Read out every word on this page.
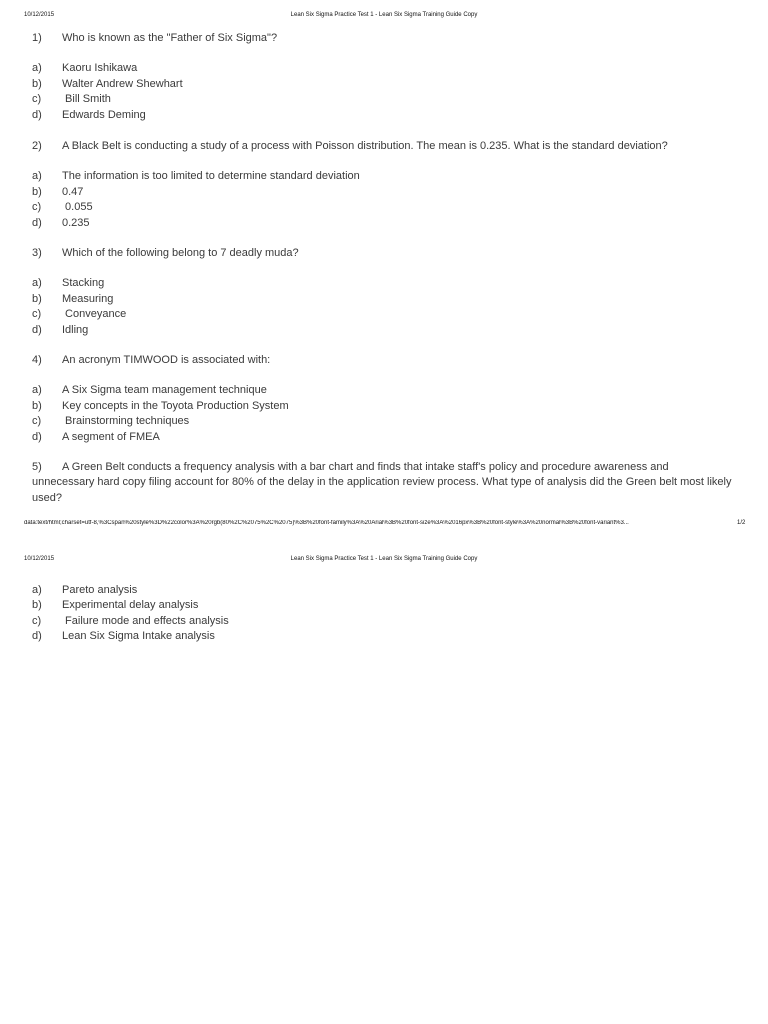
10/12/2015	Lean Six Sigma Practice Test 1 - Lean Six Sigma Training Guide Copy
1)	Who is known as the "Father of Six Sigma"?
a) Kaoru Ishikawa
b) Walter Andrew Shewhart
c) Bill Smith
d) Edwards Deming
2)	A Black Belt is conducting a study of a process with Poisson distribution. The mean is 0.235. What is the standard deviation?
a) The information is too limited to determine standard deviation
b) 0.47
c) 0.055
d) 0.235
3)	Which of the following belong to 7 deadly muda?
a) Stacking
b) Measuring
c) Conveyance
d) Idling
4)	An acronym TIMWOOD is associated with:
a) A Six Sigma team management technique
b) Key concepts in the Toyota Production System
c) Brainstorming techniques
d) A segment of FMEA
5) A Green Belt conducts a frequency analysis with a bar chart and finds that intake staff's policy and procedure awareness and unnecessary hard copy filing account for 80% of the delay in the application review process. What type of analysis did the Green belt most likely used?
data:text/html;charset=utf-8,%3Cspan%20style%3D%22color%3A%20rgb(80%2C%2075%2C%2075)%3B%20font-family%3A%20Arial%3B%20font-size%3A%2016px%3B%20font-style%3A%20normal%3B%20font-variant%3...	1/2
10/12/2015	Lean Six Sigma Practice Test 1 - Lean Six Sigma Training Guide Copy
a) Pareto analysis
b) Experimental delay analysis
c) Failure mode and effects analysis
d) Lean Six Sigma Intake analysis
